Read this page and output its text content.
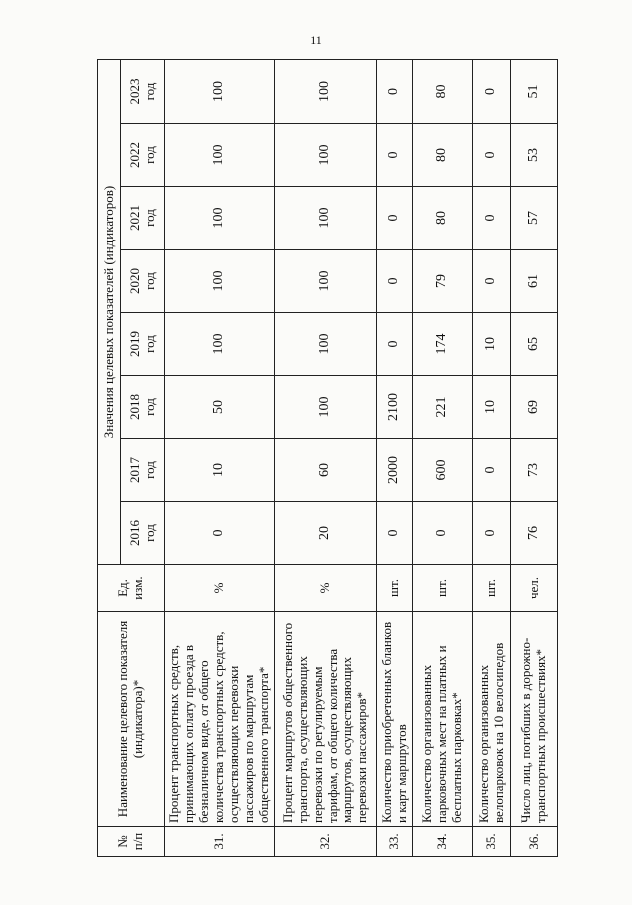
11
№
п/п	Наименование целевого показателя (индикатора)*	Ед. изм.	Значения целевых показателей (индикаторов)							

			2016 год	2017 год	2018 год	2019 год	2020 год	2021 год	2022 год	2023 год

31.	Процент транспортных средств, принимающих оплату проезда в безналичном виде, от общего количества транспортных средств, осуществляющих перевозки пассажиров по маршрутам общественного транспорта*	%	0	10	50	100	100	100	100	100
32.	Процент маршрутов общественного транспорта, осуществляющих перевозки по регулируемым тарифам, от общего количества маршрутов, осуществляющих перевозки пассажиров*	%	20	60	100	100	100	100	100	100
33.	Количество приобретенных бланков и карт маршрутов	шт.	0	2000	2100	0	0	0	0	0
34.	Количество организованных парковочных мест на платных и бесплатных парковках*	шт.	0	600	221	174	79	80	80	80
35.	Количество организованных велопарковок на 10 велосипедов	шт.	0	0	10	10	0	0	0	0
36.	Число лиц, погибших в дорожно-транспортных происшествиях*	чел.	76	73	69	65	61	57	53	51
